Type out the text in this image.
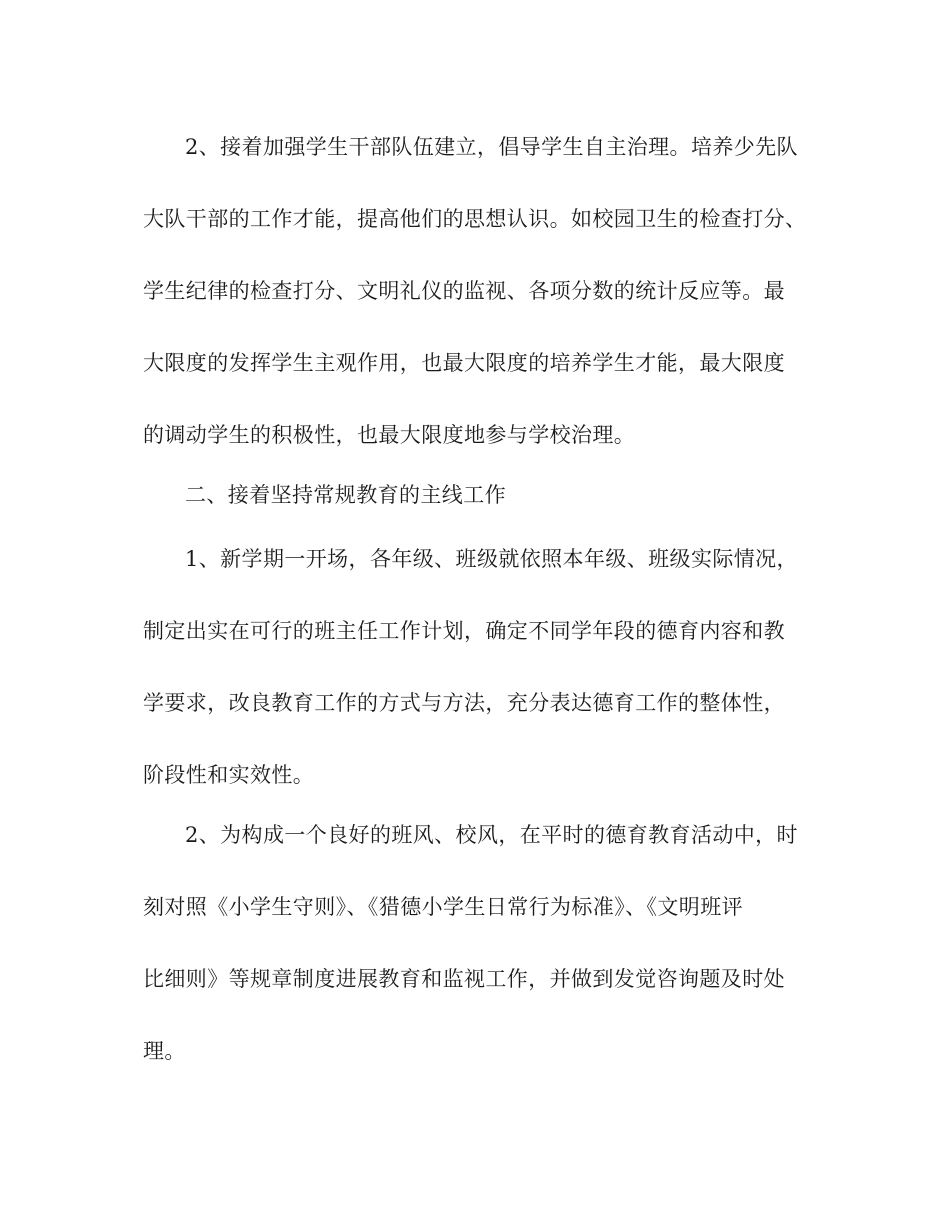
2、接着加强学生干部队伍建立，倡导学生自主治理。培养少先队
大队干部的工作才能，提高他们的思想认识。如校园卫生的检查打分、
学生纪律的检查打分、文明礼仪的监视、各项分数的统计反应等。最
大限度的发挥学生主观作用，也最大限度的培养学生才能，最大限度
的调动学生的积极性，也最大限度地参与学校治理。
二、接着坚持常规教育的主线工作
1、新学期一开场，各年级、班级就依照本年级、班级实际情况，
制定出实在可行的班主任工作计划，确定不同学年段的德育内容和教
学要求，改良教育工作的方式与方法，充分表达德育工作的整体性，
阶段性和实效性。
2、为构成一个良好的班风、校风，在平时的德育教育活动中，时
刻对照《小学生守则》、《猎德小学生日常行为标准》、《文明班评
比细则》等规章制度进展教育和监视工作，并做到发觉咨询题及时处
理。
